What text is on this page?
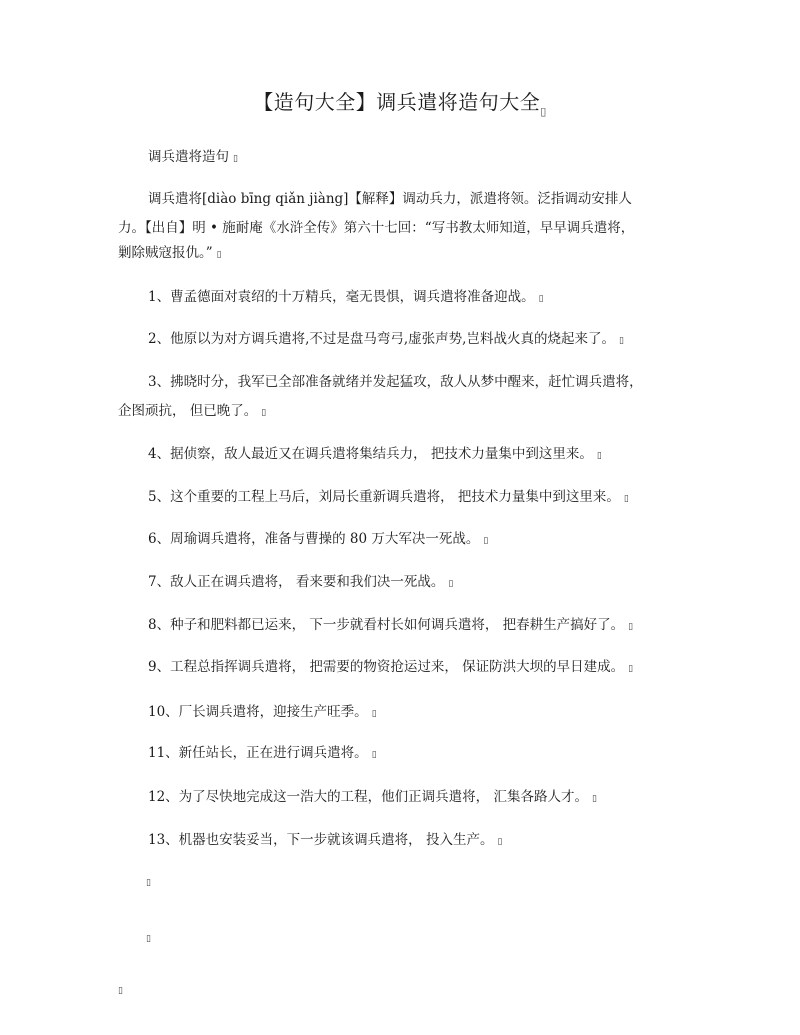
【造句大全】调兵遣将造句大全$_▯$
调兵遣将造句 ▯
调兵遣将[diào bīng qiǎn jiàng]【解释】调动兵力，派遣将领。泛指调动安排人
力。【出自】明 • 施耐庵《水浒全传》第六十七回：“写书教太师知道，早早调兵遣将，
剿除贼寇报仇。” ▯
1、曹孟德面对袁绍的十万精兵，毫无畏惧，调兵遣将准备迎战。 ▯
2、他原以为对方调兵遣将,不过是盘马弯弓,虚张声势,岂料战火真的烧起来了。 ▯
3、拂晓时分，我军已全部准备就绪并发起猛攻，敌人从梦中醒来，赶忙调兵遣将，
企图顽抗， 但已晚了。 ▯
4、据侦察，敌人最近又在调兵遣将集结兵力， 把技术力量集中到这里来。 ▯
5、这个重要的工程上马后，刘局长重新调兵遣将， 把技术力量集中到这里来。 ▯
6、周瑜调兵遣将，准备与曹操的 80 万大军决一死战。 ▯
7、敌人正在调兵遣将， 看来要和我们决一死战。 ▯
8、种子和肥料都已运来， 下一步就看村长如何调兵遣将， 把春耕生产搞好了。 ▯
9、工程总指挥调兵遣将， 把需要的物资抢运过来， 保证防洪大坝的早日建成。 ▯
10、厂长调兵遣将，迎接生产旺季。 ▯
11、新任站长，正在进行调兵遣将。 ▯
12、为了尽快地完成这一浩大的工程，他们正调兵遣将， 汇集各路人才。 ▯
13、机器也安装妥当，下一步就该调兵遣将， 投入生产。 ▯
▯
▯
▯
